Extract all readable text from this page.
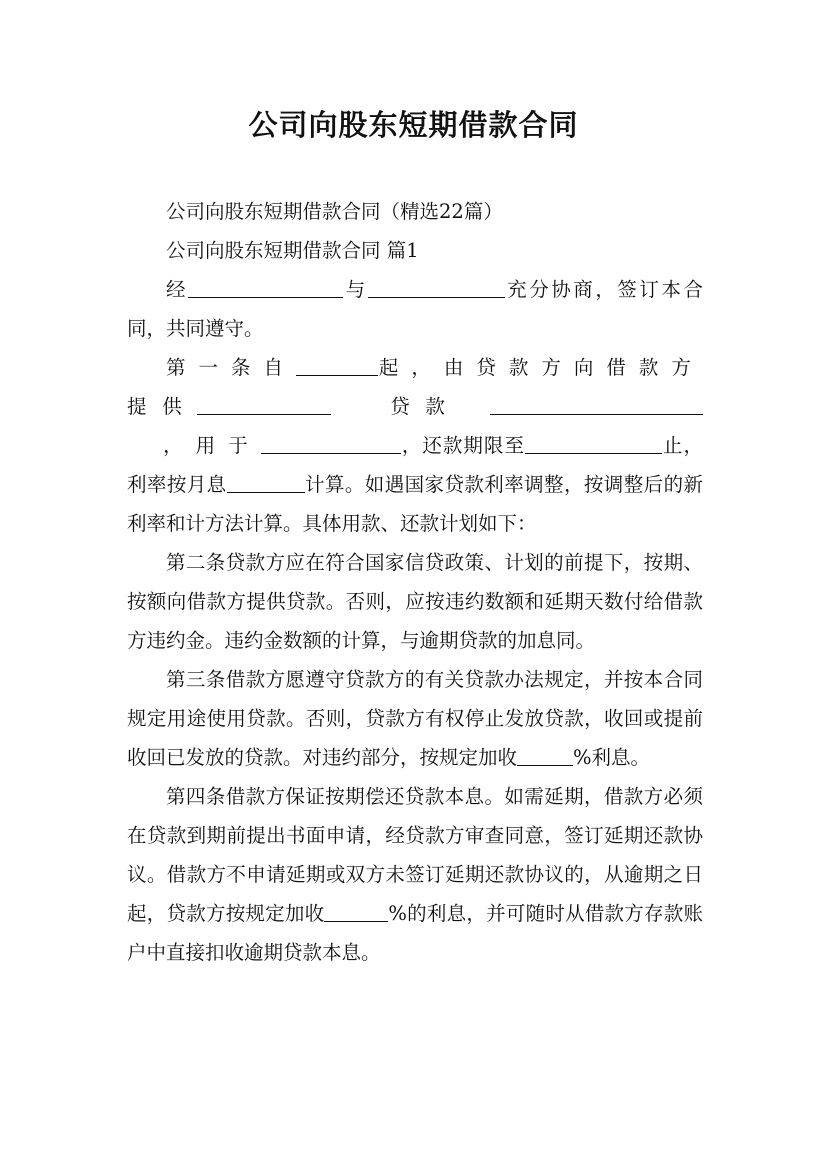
公司向股东短期借款合同

公司向股东短期借款合同（精选22篇）

公司向股东短期借款合同 篇1

经	与	充分协商，签订本合同，共同遵守。

第一条自	起，由贷款方向借款方提供	贷款        ，用于	，还款期限至	止，利率按月息	计算。如遇国家贷款利率调整，按调整后的新利率和计方法计算。具体用款、还款计划如下：

第二条贷款方应在符合国家信贷政策、计划的前提下，按期、按额向借款方提供贷款。否则，应按违约数额和延期天数付给借款方违约金。违约金数额的计算，与逾期贷款的加息同。

第三条借款方愿遵守贷款方的有关贷款办法规定，并按本合同规定用途使用贷款。否则，贷款方有权停止发放贷款，收回或提前收回已发放的贷款。对违约部分，按规定加收	%利息。

第四条借款方保证按期偿还贷款本息。如需延期，借款方必须在贷款到期前提出书面申请，经贷款方审查同意，签订延期还款协议。借款方不申请延期或双方未签订延期还款协议的，从逾期之日起，贷款方按规定加收	%的利息，并可随时从借款方存款账户中直接扣收逾期贷款本息。
